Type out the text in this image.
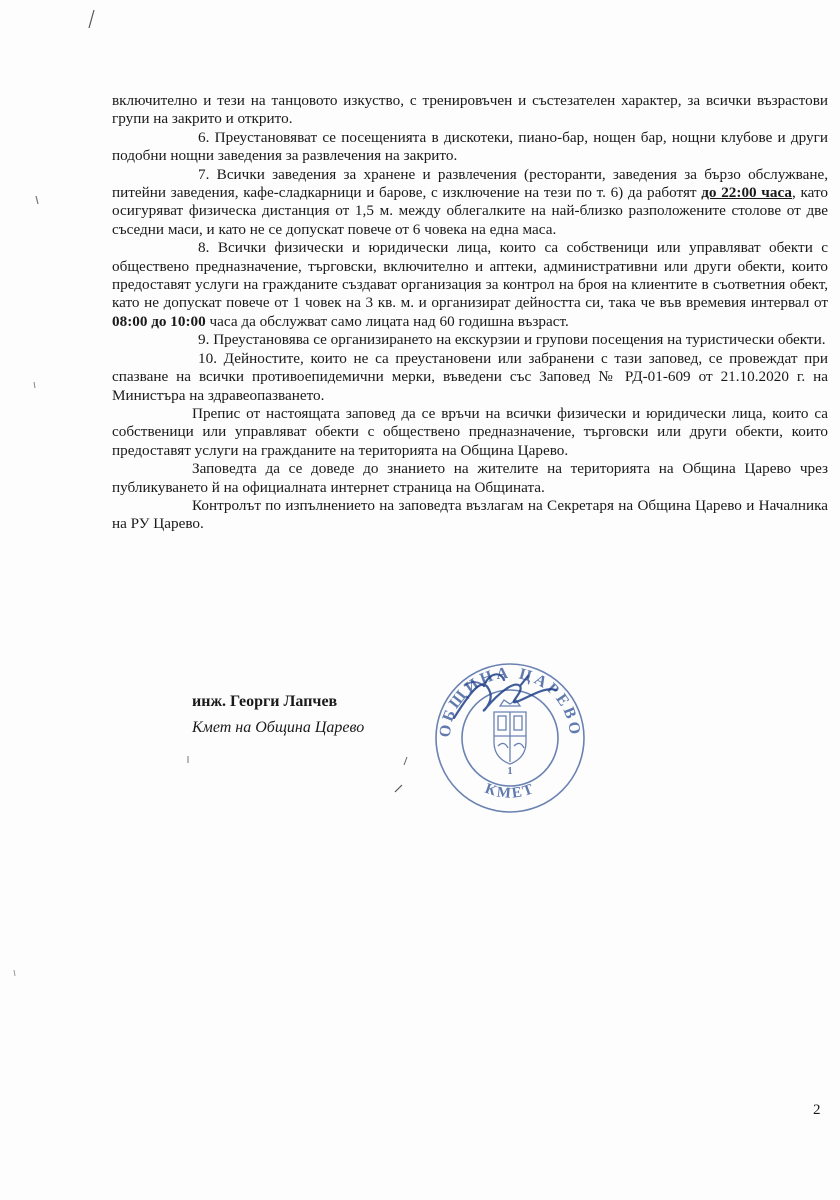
включително и тези на танцовото изкуство, с тренировъчен и състезателен характер, за всички възрастови групи на закрито и открито.

6. Преустановяват се посещенията в дискотеки, пиано-бар, нощен бар, нощни клубове и други подобни нощни заведения за развлечения на закрито.

7. Всички заведения за хранене и развлечения (ресторанти, заведения за бързо обслужване, питейни заведения, кафе-сладкарници и барове, с изключение на тези по т. 6) да работят до 22:00 часа, като осигуряват физическа дистанция от 1,5 м. между облегалките на най-близко разположените столове от две съседни маси, и като не се допускат повече от 6 човека на една маса.

8. Всички физически и юридически лица, които са собственици или управляват обекти с обществено предназначение, търговски, включително и аптеки, административни или други обекти, които предоставят услуги на гражданите създават организация за контрол на броя на клиентите в съответния обект, като не допускат повече от 1 човек на 3 кв. м. и организират дейността си, така че във времевия интервал от 08:00 до 10:00 часа да обслужват само лицата над 60 годишна възраст.

9. Преустановява се организирането на екскурзии и групови посещения на туристически обекти.

10. Дейностите, които не са преустановени или забранени с тази заповед, се провеждат при спазване на всички противоепидемични мерки, въведени със Заповед № РД-01-609 от 21.10.2020 г. на Министъра на здравеопазването.

Препис от настоящата заповед да се връчи на всички физически и юридически лица, които са собственици или управляват обекти с обществено предназначение, търговски или други обекти, които предоставят услуги на гражданите на територията на Община Царево.

Заповедта да се доведе до знанието на жителите на територията на Община Царево чрез публикуването й на официалната интернет страница на Общината.

Контролът по изпълнението на заповедта възлагам на Секретаря на Община Царево и Началника на РУ Царево.

инж. Георги Лапчев
Кмет на Община Царево	ОБЩИНА ЦАРЕВО
КМЕТ
1
2
